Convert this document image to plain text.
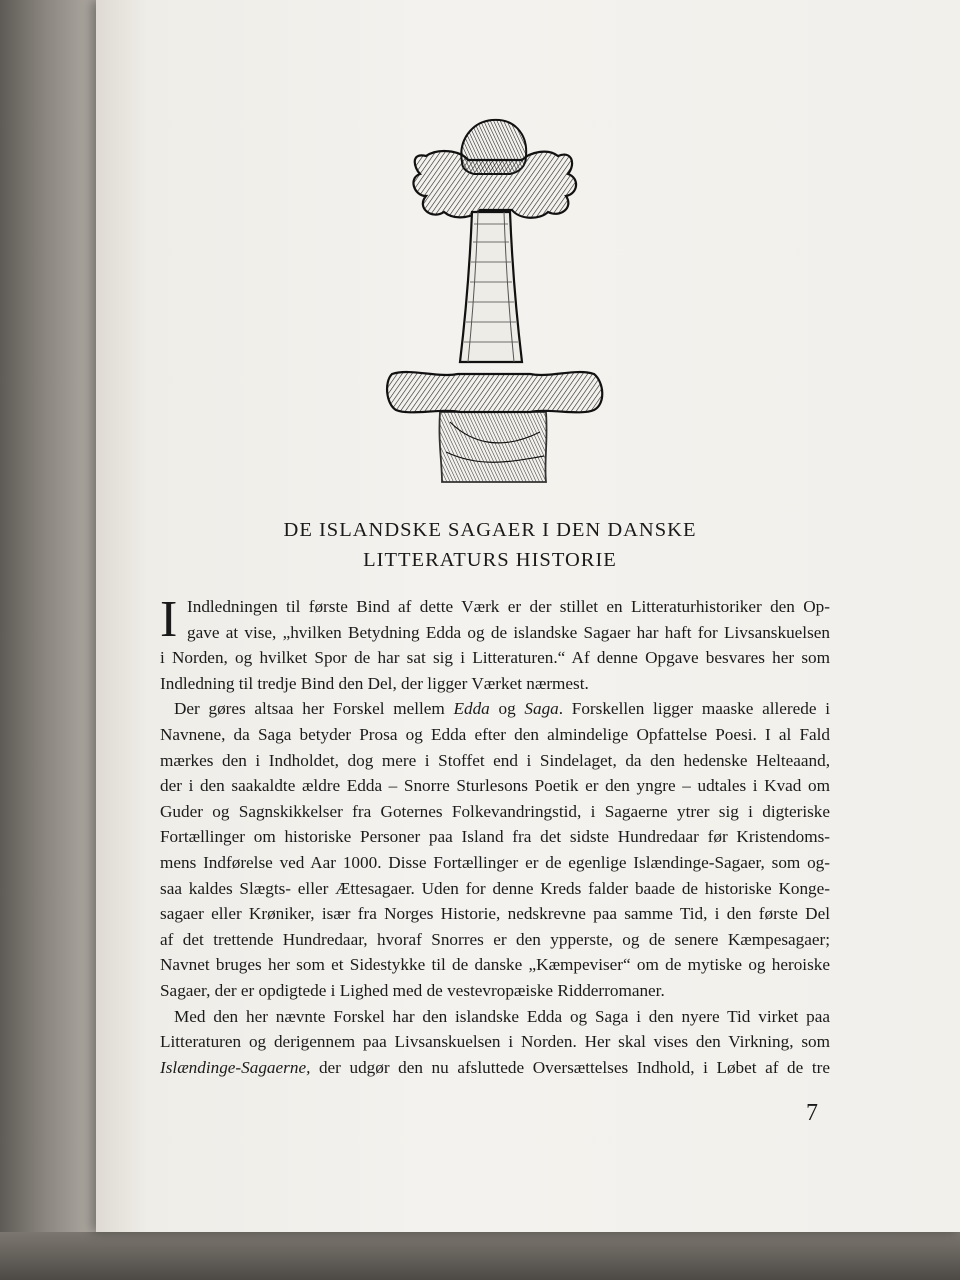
DE ISLANDSKE SAGAER I DEN DANSKE
LITTERATURS HISTORIE
I Indledningen til første Bind af dette Værk er der stillet en Litteraturhistoriker den Op-
gave at vise, „hvilken Betydning Edda og de islandske Sagaer har haft for Livsanskuelsen
i Norden, og hvilket Spor de har sat sig i Litteraturen.“ Af denne Opgave besvares her som
Indledning til tredje Bind den Del, der ligger Værket nærmest.
Der gøres altsaa her Forskel mellem Edda og Saga. Forskellen ligger maaske allerede i
Navnene, da Saga betyder Prosa og Edda efter den almindelige Opfattelse Poesi. I al Fald
mærkes den i Indholdet, dog mere i Stoffet end i Sindelaget, da den hedenske Helteaand,
der i den saakaldte ældre Edda – Snorre Sturlesons Poetik er den yngre – udtales i Kvad om
Guder og Sagnskikkelser fra Goternes Folkevandringstid, i Sagaerne ytrer sig i digteriske
Fortællinger om historiske Personer paa Island fra det sidste Hundredaar før Kristendoms-
mens Indførelse ved Aar 1000. Disse Fortællinger er de egenlige Islændinge-Sagaer, som og-
saa kaldes Slægts- eller Ættesagaer. Uden for denne Kreds falder baade de historiske Konge-
sagaer eller Krøniker, især fra Norges Historie, nedskrevne paa samme Tid, i den første Del
af det trettende Hundredaar, hvoraf Snorres er den ypperste, og de senere Kæmpesagaer;
Navnet bruges her som et Sidestykke til de danske „Kæmpeviser“ om de mytiske og heroiske
Sagaer, der er opdigtede i Lighed med de vestevropæiske Ridderromaner.
Med den her nævnte Forskel har den islandske Edda og Saga i den nyere Tid virket paa
Litteraturen og derigennem paa Livsanskuelsen i Norden. Her skal vises den Virkning, som
Islændinge-Sagaerne, der udgør den nu afsluttede Oversættelses Indhold, i Løbet af de tre
7
